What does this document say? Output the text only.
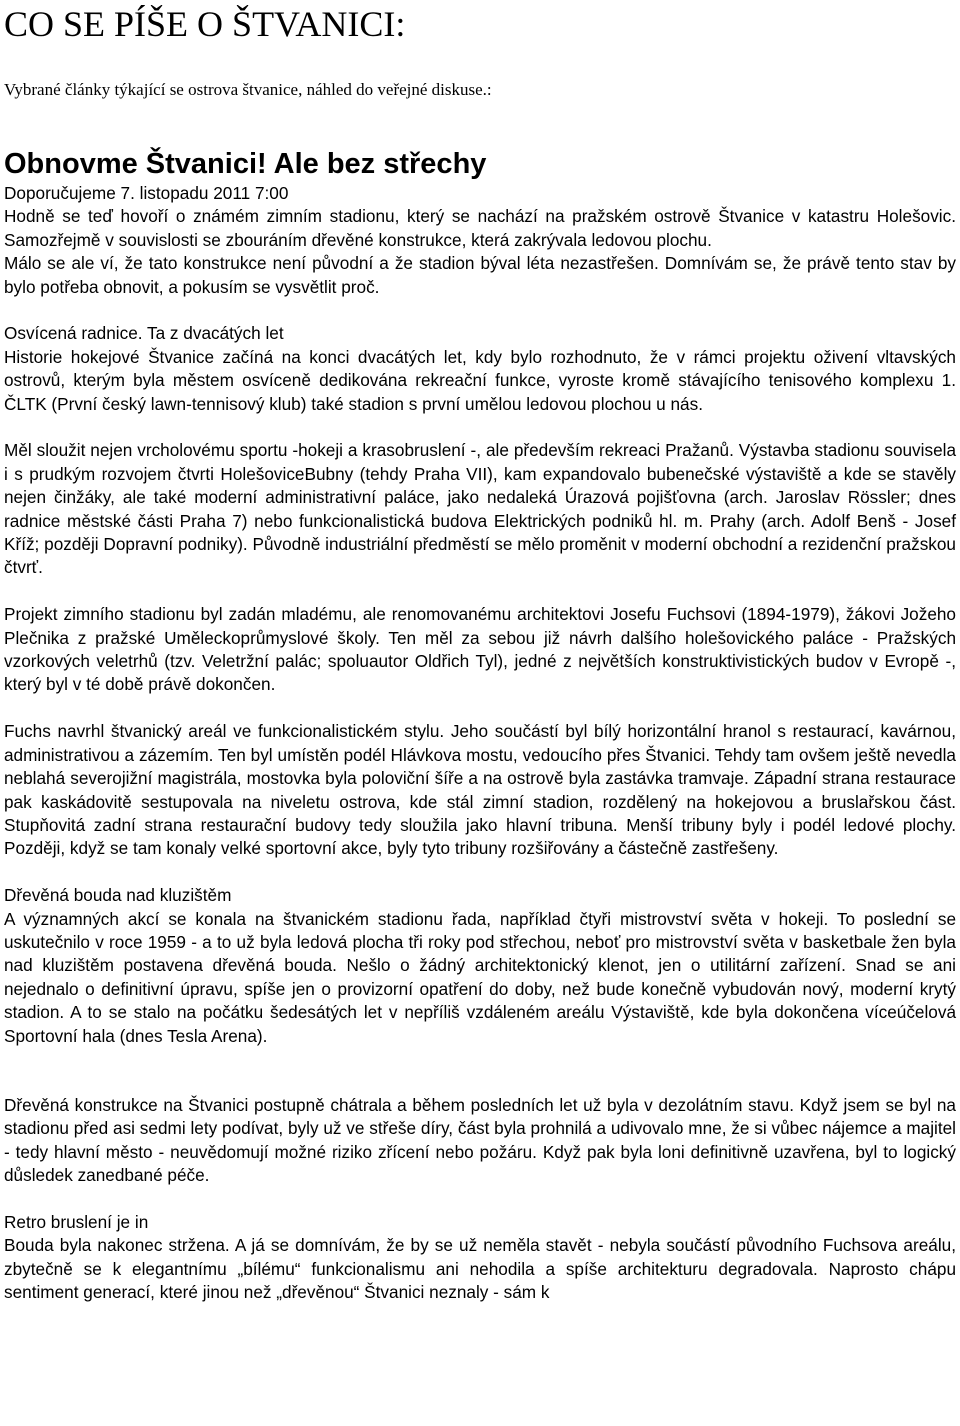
CO SE PÍŠE O ŠTVANICI:
Vybrané články týkající se ostrova štvanice, náhled do veřejné diskuse.:
Obnovme Štvanici! Ale bez střechy

Doporučujeme 7. listopadu 2011 7:00

Hodně se teď hovoří o známém zimním stadionu, který se nachází na pražském ostrově Štvanice v katastru Holešovic. Samozřejmě v souvislosti se zbouráním dřevěné konstrukce, která zakrývala ledovou plochu.

Málo se ale ví, že tato konstrukce není původní a že stadion býval léta nezastřešen. Domnívám se, že právě tento stav by bylo potřeba obnovit, a pokusím se vysvětlit proč.

Osvícená radnice. Ta z dvacátých let
Historie hokejové Štvanice začíná na konci dvacátých let, kdy bylo rozhodnuto, že v rámci projektu oživení vltavských ostrovů, kterým byla městem osvíceně dedikována rekreační funkce, vyroste kromě stávajícího tenisového komplexu 1. ČLTK (První český lawn-tennisový klub) také stadion s první umělou ledovou plochou u nás.

Měl sloužit nejen vrcholovému sportu -hokeji a krasobruslení -, ale především rekreaci Pražanů. Výstavba stadionu souvisela i s prudkým rozvojem čtvrti HolešoviceBubny (tehdy Praha VII), kam expandovalo bubenečské výstaviště a kde se stavěly nejen činžáky, ale také moderní administrativní paláce, jako nedaleká Úrazová pojišťovna (arch. Jaroslav Rössler; dnes radnice městské části Praha 7) nebo funkcionalistická budova Elektrických podniků hl. m. Prahy (arch. Adolf Benš - Josef Kříž; později Dopravní podniky). Původně industriální předměstí se mělo proměnit v moderní obchodní a rezidenční pražskou čtvrť.

Projekt zimního stadionu byl zadán mladému, ale renomovanému architektovi Josefu Fuchsovi (1894-1979), žákovi Jožeho Plečnika z pražské Uměleckoprůmyslové školy. Ten měl za sebou již návrh dalšího holešovického paláce - Pražských vzorkových veletrhů (tzv. Veletržní palác; spoluautor Oldřich Tyl), jedné z největších konstruktivistických budov v Evropě -, který byl v té době právě dokončen.

Fuchs navrhl štvanický areál ve funkcionalistickém stylu. Jeho součástí byl bílý horizontální hranol s restaurací, kavárnou, administrativou a zázemím. Ten byl umístěn podél Hlávkova mostu, vedoucího přes Štvanici. Tehdy tam ovšem ještě nevedla neblahá severojižní magistrála, mostovka byla poloviční šíře a na ostrově byla zastávka tramvaje. Západní strana restaurace pak kaskádovitě sestupovala na niveletu ostrova, kde stál zimní stadion, rozdělený na hokejovou a bruslařskou část. Stupňovitá zadní strana restaurační budovy tedy sloužila jako hlavní tribuna. Menší tribuny byly i podél ledové plochy. Později, když se tam konaly velké sportovní akce, byly tyto tribuny rozšiřovány a částečně zastřešeny.

Dřevěná bouda nad kluzištěm
A významných akcí se konala na štvanickém stadionu řada, například čtyři mistrovství světa v hokeji. To poslední se uskutečnilo v roce 1959 - a to už byla ledová plocha tři roky pod střechou, neboť pro mistrovství světa v basketbale žen byla nad kluzištěm postavena dřevěná bouda. Nešlo o žádný architektonický klenot, jen o utilitární zařízení. Snad se ani nejednalo o definitivní úpravu, spíše jen o provizorní opatření do doby, než bude konečně vybudován nový, moderní krytý stadion. A to se stalo na počátku šedesátých let v nepříliš vzdáleném areálu Výstaviště, kde byla dokončena víceúčelová Sportovní hala (dnes Tesla Arena).

Dřevěná konstrukce na Štvanici postupně chátrala a během posledních let už byla v dezolátním stavu. Když jsem se byl na stadionu před asi sedmi lety podívat, byly už ve střeše díry, část byla prohnilá a udivovalo mne, že si vůbec nájemce a majitel - tedy hlavní město - neuvědomují možné riziko zřícení nebo požáru. Když pak byla loni definitivně uzavřena, byl to logický důsledek zanedbané péče.

Retro bruslení je in
Bouda byla nakonec stržena. A já se domnívám, že by se už neměla stavět - nebyla součástí původního Fuchsova areálu, zbytečně se k elegantnímu „bílému“ funkcionalismu ani nehodila a spíše architekturu degradovala. Naprosto chápu sentiment generací, které jinou než „dřevěnou“ Štvanici neznaly - sám k
